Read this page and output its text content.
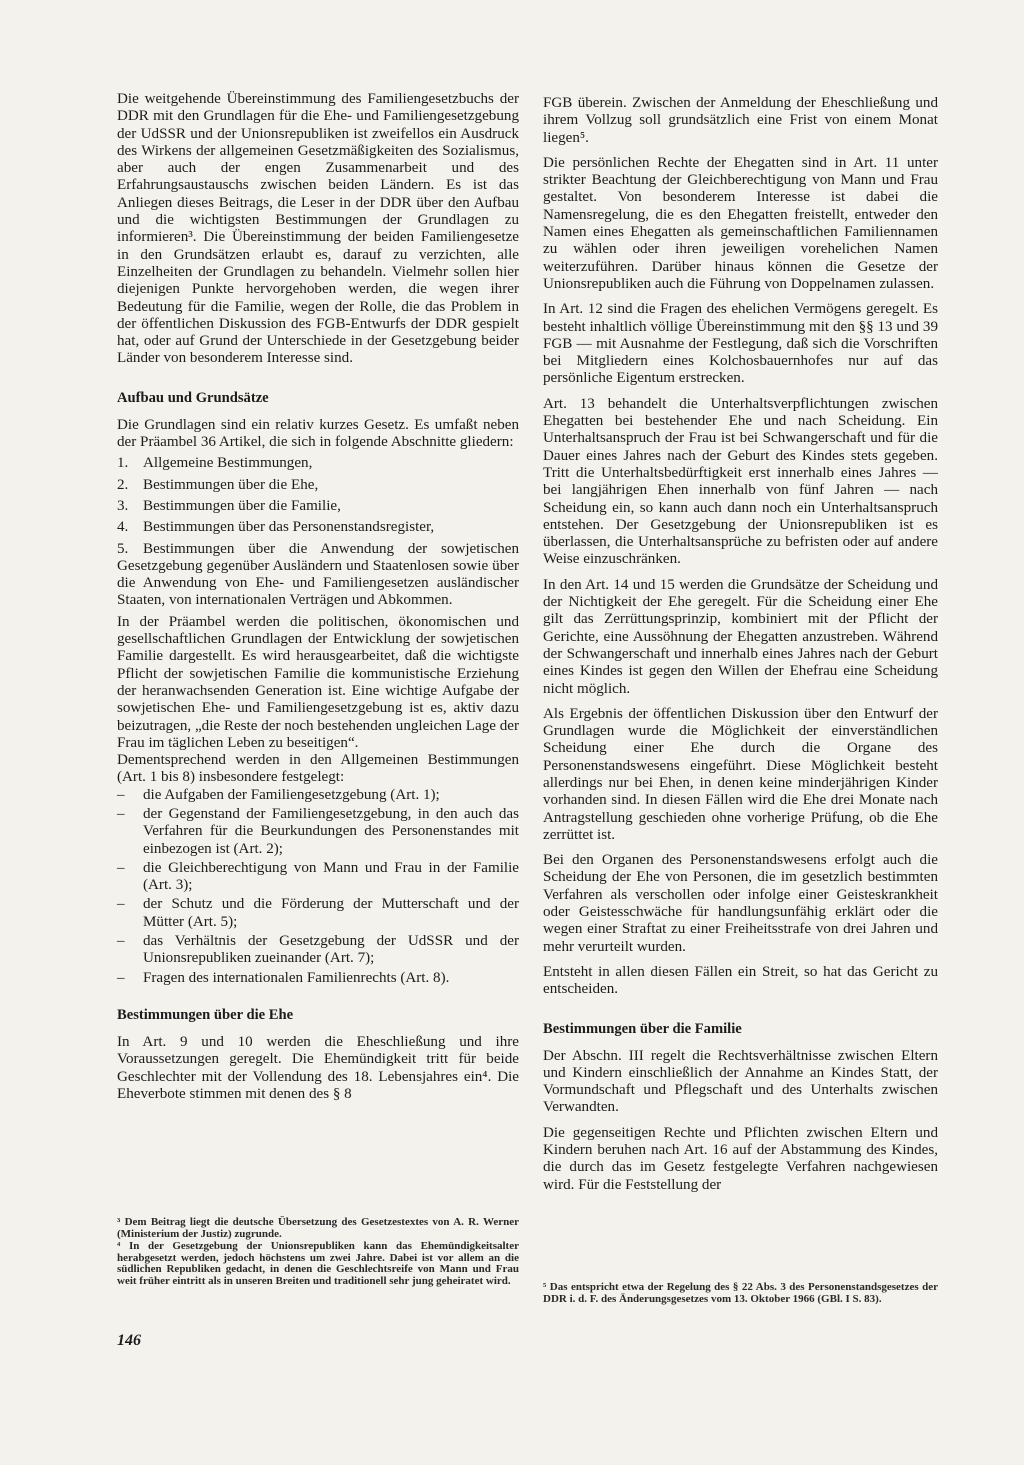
Die weitgehende Übereinstimmung des Familiengesetzbuchs der DDR mit den Grundlagen für die Ehe- und Familiengesetzgebung der UdSSR und der Unionsrepubliken ist zweifellos ein Ausdruck des Wirkens der allgemeinen Gesetzmäßigkeiten des Sozialismus, aber auch der engen Zusammenarbeit und des Erfahrungsaustauschs zwischen beiden Ländern. Es ist das Anliegen dieses Beitrags, die Leser in der DDR über den Aufbau und die wichtigsten Bestimmungen der Grundlagen zu informieren³. Die Übereinstimmung der beiden Familiengesetze in den Grundsätzen erlaubt es, darauf zu verzichten, alle Einzelheiten der Grundlagen zu behandeln. Vielmehr sollen hier diejenigen Punkte hervorgehoben werden, die wegen ihrer Bedeutung für die Familie, wegen der Rolle, die das Problem in der öffentlichen Diskussion des FGB-Entwurfs der DDR gespielt hat, oder auf Grund der Unterschiede in der Gesetzgebung beider Länder von besonderem Interesse sind.

Aufbau und Grundsätze

Die Grundlagen sind ein relativ kurzes Gesetz. Es umfaßt neben der Präambel 36 Artikel, die sich in folgende Abschnitte gliedern:

1. Allgemeine Bestimmungen,
2. Bestimmungen über die Ehe,
3. Bestimmungen über die Familie,
4. Bestimmungen über das Personenstandsregister,
5. Bestimmungen über die Anwendung der sowjetischen Gesetzgebung gegenüber Ausländern und Staatenlosen sowie über die Anwendung von Ehe- und Familiengesetzen ausländischer Staaten, von internationalen Verträgen und Abkommen.

In der Präambel werden die politischen, ökonomischen und gesellschaftlichen Grundlagen der Entwicklung der sowjetischen Familie dargestellt. Es wird herausgearbeitet, daß die wichtigste Pflicht der sowjetischen Familie die kommunistische Erziehung der heranwachsenden Generation ist. Eine wichtige Aufgabe der sowjetischen Ehe- und Familiengesetzgebung ist es, aktiv dazu beizutragen, „die Reste der noch bestehenden ungleichen Lage der Frau im täglichen Leben zu beseitigen“.

Dementsprechend werden in den Allgemeinen Bestimmungen (Art. 1 bis 8) insbesondere festgelegt:

– die Aufgaben der Familiengesetzgebung (Art. 1);
– der Gegenstand der Familiengesetzgebung, in den auch das Verfahren für die Beurkundungen des Personenstandes mit einbezogen ist (Art. 2);
– die Gleichberechtigung von Mann und Frau in der Familie (Art. 3);
– der Schutz und die Förderung der Mutterschaft und der Mütter (Art. 5);
– das Verhältnis der Gesetzgebung der UdSSR und der Unionsrepubliken zueinander (Art. 7);
– Fragen des internationalen Familienrechts (Art. 8).
Bestimmungen über die Ehe

In Art. 9 und 10 werden die Eheschließung und ihre Voraussetzungen geregelt. Die Ehemündigkeit tritt für beide Geschlechter mit der Vollendung des 18. Lebensjahres ein⁴. Die Eheverbote stimmen mit denen des § 8

FGB überein. Zwischen der Anmeldung der Eheschließung und ihrem Vollzug soll grundsätzlich eine Frist von einem Monat liegen⁵.

Die persönlichen Rechte der Ehegatten sind in Art. 11 unter strikter Beachtung der Gleichberechtigung von Mann und Frau gestaltet. Von besonderem Interesse ist dabei die Namensregelung, die es den Ehegatten freistellt, entweder den Namen eines Ehegatten als gemeinschaftlichen Familiennamen zu wählen oder ihren jeweiligen vorehelichen Namen weiterzuführen. Darüber hinaus können die Gesetze der Unionsrepubliken auch die Führung von Doppelnamen zulassen.

In Art. 12 sind die Fragen des ehelichen Vermögens geregelt. Es besteht inhaltlich völlige Übereinstimmung mit den §§ 13 und 39 FGB — mit Ausnahme der Festlegung, daß sich die Vorschriften bei Mitgliedern eines Kolchosbauernhofes nur auf das persönliche Eigentum erstrecken.

Art. 13 behandelt die Unterhaltsverpflichtungen zwischen Ehegatten bei bestehender Ehe und nach Scheidung. Ein Unterhaltsanspruch der Frau ist bei Schwangerschaft und für die Dauer eines Jahres nach der Geburt des Kindes stets gegeben. Tritt die Unterhaltsbedürftigkeit erst innerhalb eines Jahres — bei langjährigen Ehen innerhalb von fünf Jahren — nach Scheidung ein, so kann auch dann noch ein Unterhaltsanspruch entstehen. Der Gesetzgebung der Unionsrepubliken ist es überlassen, die Unterhaltsansprüche zu befristen oder auf andere Weise einzuschränken.

In den Art. 14 und 15 werden die Grundsätze der Scheidung und der Nichtigkeit der Ehe geregelt. Für die Scheidung einer Ehe gilt das Zerrüttungsprinzip, kombiniert mit der Pflicht der Gerichte, eine Aussöhnung der Ehegatten anzustreben. Während der Schwangerschaft und innerhalb eines Jahres nach der Geburt eines Kindes ist gegen den Willen der Ehefrau eine Scheidung nicht möglich.

Als Ergebnis der öffentlichen Diskussion über den Entwurf der Grundlagen wurde die Möglichkeit der einverständlichen Scheidung einer Ehe durch die Organe des Personenstandswesens eingeführt. Diese Möglichkeit besteht allerdings nur bei Ehen, in denen keine minderjährigen Kinder vorhanden sind. In diesen Fällen wird die Ehe drei Monate nach Antragstellung geschieden ohne vorherige Prüfung, ob die Ehe zerrüttet ist.

Bei den Organen des Personenstandswesens erfolgt auch die Scheidung der Ehe von Personen, die im gesetzlich bestimmten Verfahren als verschollen oder infolge einer Geisteskrankheit oder Geistesschwäche für handlungsunfähig erklärt oder die wegen einer Straftat zu einer Freiheitsstrafe von drei Jahren und mehr verurteilt wurden.

Entsteht in allen diesen Fällen ein Streit, so hat das Gericht zu entscheiden.

Bestimmungen über die Familie

Der Abschn. III regelt die Rechtsverhältnisse zwischen Eltern und Kindern einschließlich der Annahme an Kindes Statt, der Vormundschaft und Pflegschaft und des Unterhalts zwischen Verwandten.

Die gegenseitigen Rechte und Pflichten zwischen Eltern und Kindern beruhen nach Art. 16 auf der Abstammung des Kindes, die durch das im Gesetz festgelegte Verfahren nachgewiesen wird. Für die Feststellung der

³ Dem Beitrag liegt die deutsche Übersetzung des Gesetzestextes von A. R. Werner (Ministerium der Justiz) zugrunde.

⁴ In der Gesetzgebung der Unionsrepubliken kann das Ehemündigkeitsalter herabgesetzt werden, jedoch höchstens um zwei Jahre. Dabei ist vor allem an die südlichen Republiken gedacht, in denen die Geschlechtsreife von Mann und Frau weit früher eintritt als in unseren Breiten und traditionell sehr jung geheiratet wird.

⁵ Das entspricht etwa der Regelung des § 22 Abs. 3 des Personenstandsgesetzes der DDR i. d. F. des Änderungsgesetzes vom 13. Oktober 1966 (GBl. I S. 83).

146
